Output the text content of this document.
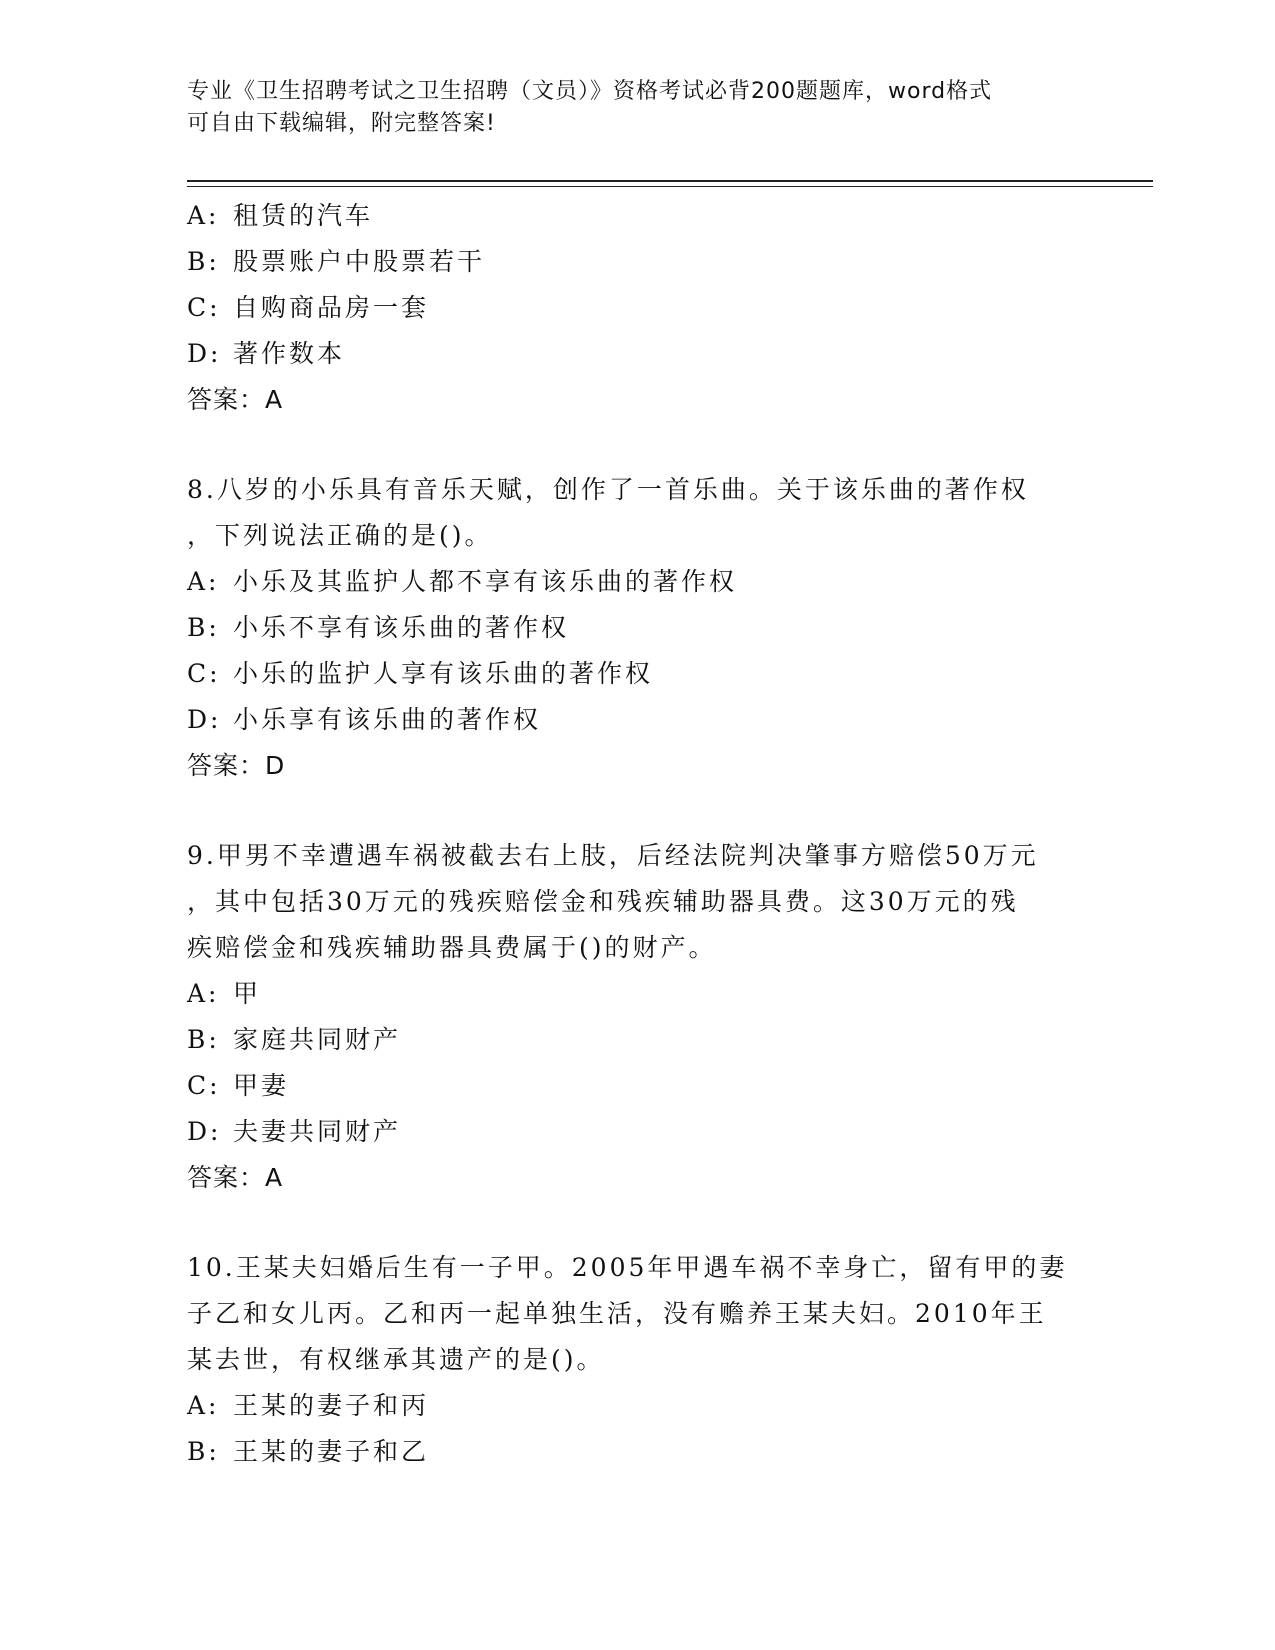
专业《卫生招聘考试之卫生招聘（文员）》资格考试必背200题题库，word格式
可自由下载编辑，附完整答案!
A: 租赁的汽车
B: 股票账户中股票若干
C: 自购商品房一套
D: 著作数本
答案：A
8.八岁的小乐具有音乐天赋，创作了一首乐曲。关于该乐曲的著作权
，下列说法正确的是()。
A: 小乐及其监护人都不享有该乐曲的著作权
B: 小乐不享有该乐曲的著作权
C: 小乐的监护人享有该乐曲的著作权
D: 小乐享有该乐曲的著作权
答案：D
9.甲男不幸遭遇车祸被截去右上肢，后经法院判决肇事方赔偿50万元
，其中包括30万元的残疾赔偿金和残疾辅助器具费。这30万元的残
疾赔偿金和残疾辅助器具费属于()的财产。
A: 甲
B: 家庭共同财产
C: 甲妻
D: 夫妻共同财产
答案：A
10.王某夫妇婚后生有一子甲。2005年甲遇车祸不幸身亡，留有甲的妻
子乙和女儿丙。乙和丙一起单独生活，没有赡养王某夫妇。2010年王
某去世，有权继承其遗产的是()。
A: 王某的妻子和丙
B: 王某的妻子和乙
